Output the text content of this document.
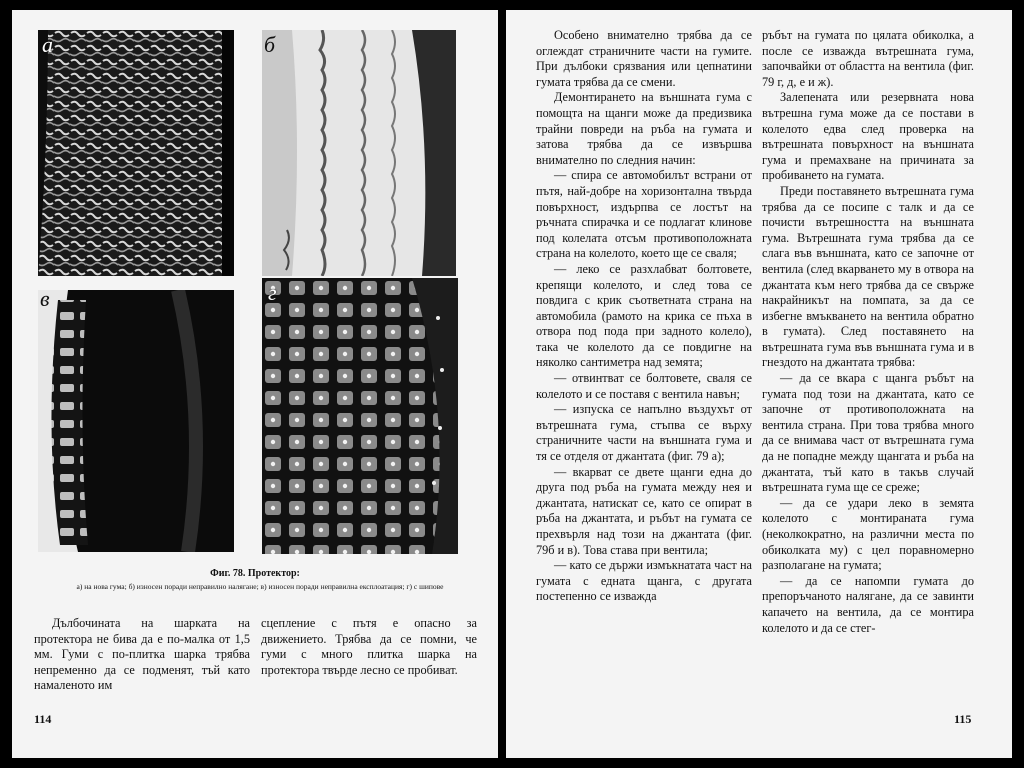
а	б
в	г
Фиг. 78. Протектор:
а) на нова гума; б) износен поради неправилно налягане; в) износен поради неправилна експлоатация; г) с шипове

Дълбочината на шарката на протектора не бива да е по-малка от 1,5 мм. Гуми с по-плитка шарка трябва непременно да се подменят, тъй като намаленото им

сцепление с пътя е опасно за движението. Трябва да се помни, че гуми с много плитка шарка на протектора твърде лесно се пробиват.

114

Особено внимателно трябва да се оглеждат страничните части на гумите. При дълбоки срязвания или цепнатини гумата трябва да се смени.

Демонтирането на външната гума с помощта на щанги може да предизвика трайни повреди на ръба на гумата и затова трябва да се извършва внимателно по следния начин:

— спира се автомобилът встрани от пътя, най-добре на хоризонтална твърда повърхност, издърпва се лостът на ръчната спирачка и се подлагат клинове под колелата отсъм противоположната страна на колелото, което ще се сваля;

— леко се разхлабват болтовете, крепящи колелото, и след това се повдига с крик съответната страна на автомобила (рамото на крика се пъха в отвора под пода при задното колело), така че колелото да се повдигне на няколко сантиметра над земята;

— отвинтват се болтовете, сваля се колелото и се поставя с вентила навън;

— изпуска се напълно въздухът от вътрешната гума, стъпва се върху страничните части на външната гума и тя се отделя от джантата (фиг. 79 а);

— вкарват се двете щанги една до друга под ръба на гумата между нея и джантата, натискат се, като се опират в ръба на джантата, и ръбът на гумата се прехвърля над този на джантата (фиг. 79б и в). Това става при вентила;

— като се държи измъкнатата част на гумата с едната щанга, с другата постепенно се изважда

ръбът на гумата по цялата обиколка, а после се изважда вътрешната гума, започвайки от областта на вентила (фиг. 79 г, д, е и ж).

Залепената или резервната нова вътрешна гума може да се постави в колелото едва след проверка на вътрешната повърхност на външната гума и премахване на причината за пробиването на гумата.

Преди поставянето вътрешната гума трябва да се посипе с талк и да се почисти вътрешността на външната гума. Вътрешната гума трябва да се слага във външната, като се започне от вентила (след вкарването му в отвора на джантата към него трябва да се свърже накрайникът на помпата, за да се избегне вмъкването на вентила обратно в гумата). След поставянето на вътрешната гума във външната гума и в гнездото на джантата трябва:

— да се вкара с щанга ръбът на гумата под този на джантата, като се започне от противоположната на вентила страна. При това трябва много да се внимава част от вътрешната гума да не попадне между щангата и ръба на джантата, тъй като в такъв случай вътрешната гума ще се среже;

— да се удари леко в земята колелото с монтираната гума (неколкократно, на различни места по обиколката му) с цел поравномерно разполагане на гумата;

— да се напомпи гумата до препоръчаното налягане, да се завинти капачето на вентила, да се монтира колелото и да се стег-

115
